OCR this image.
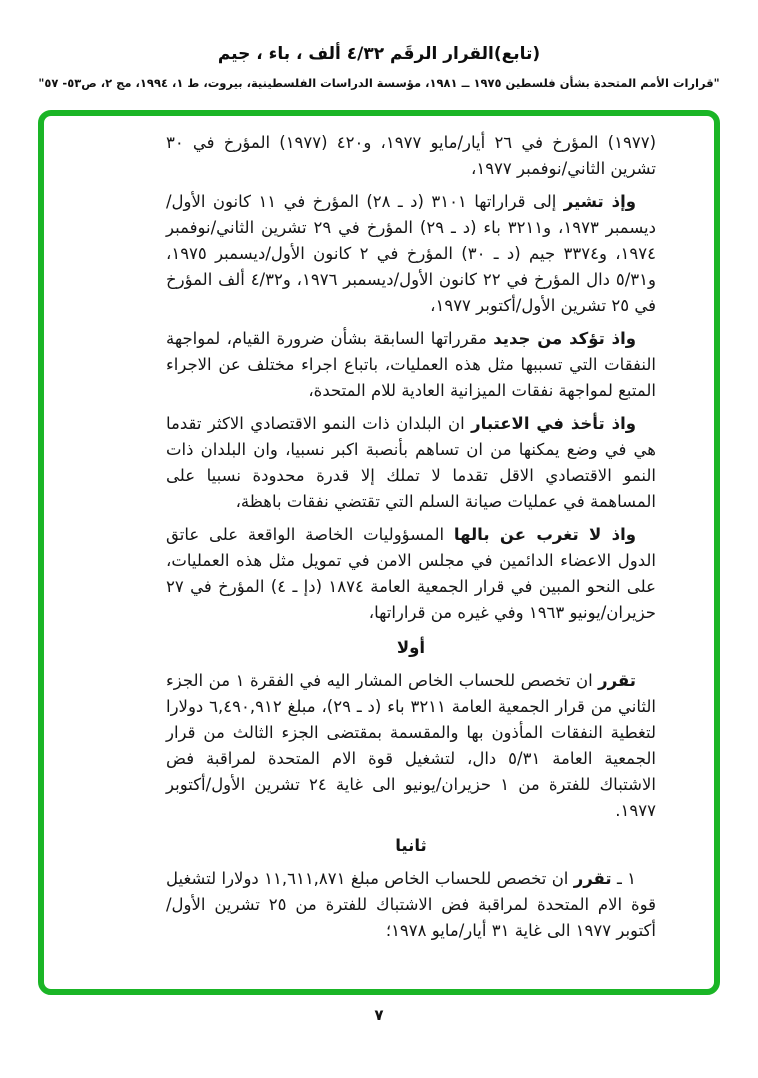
(تابع)القرار الرقَم ٤/٣٢ ألف ، باء ، جيم
"قرارات الأمم المتحدة بشأن فلسطين ١٩٧٥ ــ ١٩٨١، مؤسسة الدراسات الفلسطينية، بيروت، ط ١، ١٩٩٤، مج ٢، ص٥٣- ٥٧"

(١٩٧٧) المؤرخ في ٢٦ أيار/مايو ١٩٧٧، و٤٢٠ (١٩٧٧) المؤرخ في ٣٠ تشرين الثاني/نوفمبر ١٩٧٧،

وإذ تشير إلى قراراتها ٣١٠١ (د ـ ٢٨) المؤرخ في ١١ كانون الأول/ديسمبر ١٩٧٣، و٣٢١١ باء (د ـ ٢٩) المؤرخ في ٢٩ تشرين الثاني/نوفمبر ١٩٧٤، و٣٣٧٤ جيم (د ـ ٣٠) المؤرخ في ٢ كانون الأول/ديسمبر ١٩٧٥، و٥/٣١ دال المؤرخ في ٢٢ كانون الأول/ديسمبر ١٩٧٦، و٤/٣٢ ألف المؤرخ في ٢٥ تشرين الأول/أكتوبر ١٩٧٧،

واذ تؤكد من جديد مقرراتها السابقة بشأن ضرورة القيام، لمواجهة النفقات التي تسببها مثل هذه العمليات، باتباع اجراء مختلف عن الاجراء المتبع لمواجهة نفقات الميزانية العادية للام المتحدة،

واذ تأخذ في الاعتبار ان البلدان ذات النمو الاقتصادي الاكثر تقدما هي في وضع يمكنها من ان تساهم بأنصبة اكبر نسبيا، وان البلدان ذات النمو الاقتصادي الاقل تقدما لا تملك إلا قدرة محدودة نسبيا على المساهمة في عمليات صيانة السلم التي تقتضي نفقات باهظة،

واذ لا تغرب عن بالها المسؤوليات الخاصة الواقعة على عاتق الدول الاعضاء الدائمين في مجلس الامن في تمويل مثل هذه العمليات، على النحو المبين في قرار الجمعية العامة ١٨٧٤ (دإ ـ ٤) المؤرخ في ٢٧ حزيران/يونيو ١٩٦٣ وفي غيره من قراراتها،

أولا

تقرر ان تخصص للحساب الخاص المشار اليه في الفقرة ١ من الجزء الثاني من قرار الجمعية العامة ٣٢١١ باء (د ـ ٢٩)، مبلغ ٦,٤٩٠,٩١٢ دولارا لتغطية النفقات المأذون بها والمقسمة بمقتضى الجزء الثالث من قرار الجمعية العامة ٥/٣١ دال، لتشغيل قوة الام المتحدة لمراقبة فض الاشتباك للفترة من ١ حزيران/يونيو الى غاية ٢٤ تشرين الأول/أكتوبر ١٩٧٧.

ثانيا

١ ـ تقرر ان تخصص للحساب الخاص مبلغ ١١,٦١١,٨٧١ دولارا لتشغيل قوة الام المتحدة لمراقبة فض الاشتباك للفترة من ٢٥ تشرين الأول/أكتوبر ١٩٧٧ الى غاية ٣١ أيار/مايو ١٩٧٨؛

٧
